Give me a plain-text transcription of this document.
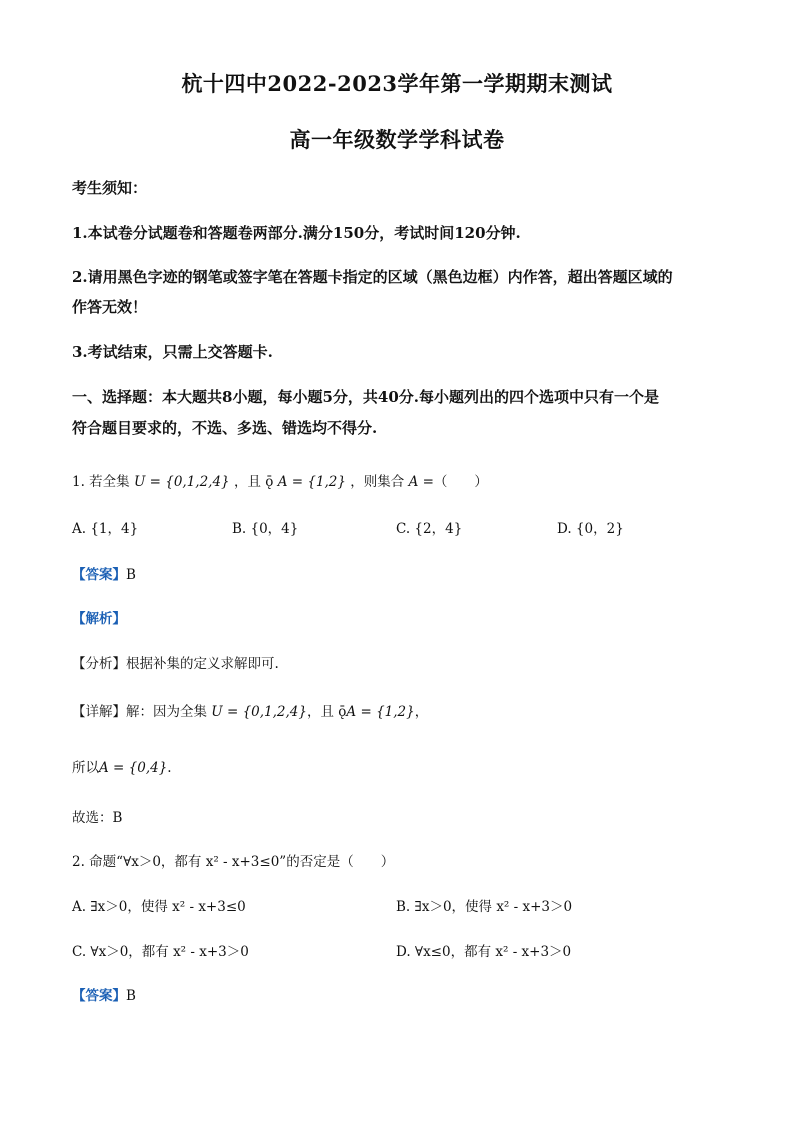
杭十四中2022-2023学年第一学期期末测试
高一年级数学学科试卷
考生须知：
1.本试卷分试题卷和答题卷两部分.满分150分，考试时间120分钟.
2.请用黑色字迹的钢笔或签字笔在答题卡指定的区域（黑色边框）内作答，超出答题区域的
作答无效！
3.考试结束，只需上交答题卡.
一、选择题：本大题共8小题，每小题5分，共40分.每小题列出的四个选项中只有一个是
符合题目要求的，不选、多选、错选均不得分.
1. 若全集 U = {0,1,2,4} ，且 ǭ A = {1,2} ，则集合 A =（　　）
A. {1，4}	B. {0，4}	C. {2，4}	D. {0，2}
【答案】B
【解析】
【分析】根据补集的定义求解即可.
【详解】解：因为全集 U = {0,1,2,4}，且 ǭA = {1,2}，
所以A = {0,4}.
故选：B
2. 命题“∀x＞0，都有 x² - x+3≤0”的否定是（　　）
A. ∃x＞0，使得 x² - x+3≤0	B. ∃x＞0，使得 x² - x+3＞0
C. ∀x＞0，都有 x² - x+3＞0	D. ∀x≤0，都有 x² - x+3＞0
【答案】B
